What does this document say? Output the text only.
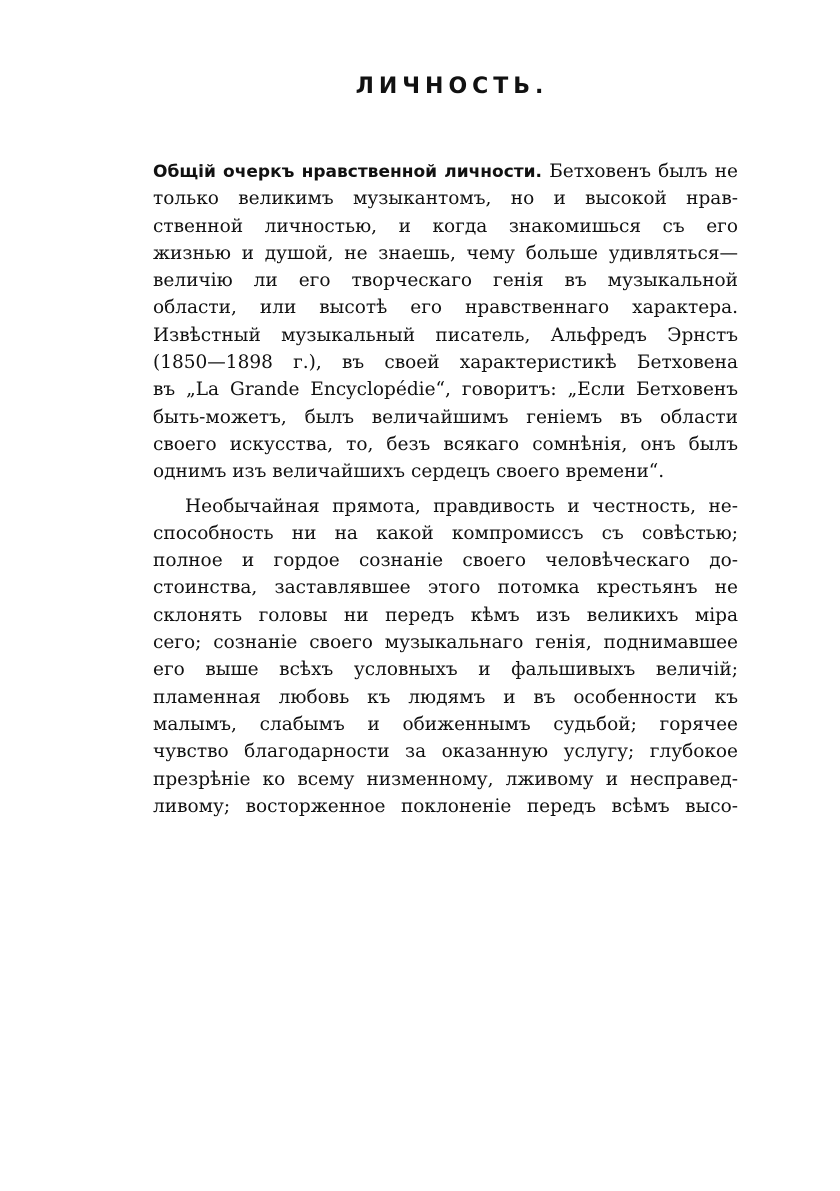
ЛИЧНОСТЬ.
Общій очеркъ нравственной личности. Бетховенъ былъ не
только великимъ музыкантомъ, но и высокой нрав-
ственной личностью, и когда знакомишься съ его
жизнью и душой, не знаешь, чему больше удивляться—
величію ли его творческаго генія въ музыкальной
области, или высотѣ его нравственнаго характера.
Извѣстный музыкальный писатель, Альфредъ Эрнстъ
(1850—1898 г.), въ своей характеристикѣ Бетховена
въ „La Grande Encyclopédie“, говоритъ: „Если Бетховенъ
быть-можетъ, былъ величайшимъ геніемъ въ области
своего искусства, то, безъ всякаго сомнѣнія, онъ былъ
однимъ изъ величайшихъ сердецъ своего времени“.
Необычайная прямота, правдивость и честность, не-
способность ни на какой компромиссъ съ совѣстью;
полное и гордое сознаніе своего человѣческаго до-
стоинства, заставлявшее этого потомка крестьянъ не
склонять головы ни передъ кѣмъ изъ великихъ міра
сего; сознаніе своего музыкальнаго генія, поднимавшее
его выше всѣхъ условныхъ и фальшивыхъ величій;
пламенная любовь къ людямъ и въ особенности къ
малымъ, слабымъ и обиженнымъ судьбой; горячее
чувство благодарности за оказанную услугу; глубокое
презрѣніе ко всему низменному, лживому и несправед-
ливому; восторженное поклоненіе передъ всѣмъ высо-
